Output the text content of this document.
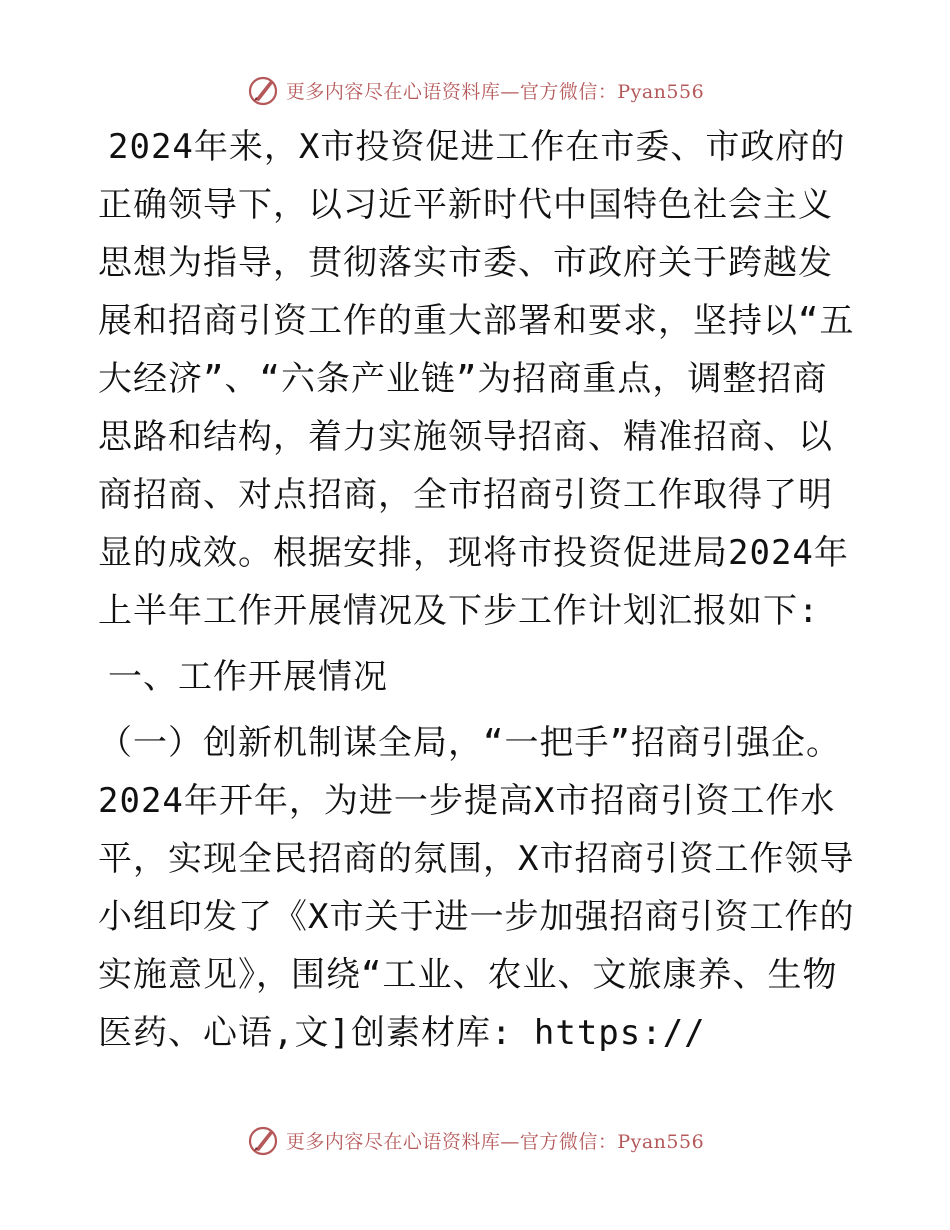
更多内容尽在心语资料库—官方微信：Pyan556

2024年来，X市投资促进工作在市委、市政府的正确领导下，以习近平新时代中国特色社会主义思想为指导，贯彻落实市委、市政府关于跨越发展和招商引资工作的重大部署和要求，坚持以“五大经济”、“六条产业链”为招商重点，调整招商思路和结构，着力实施领导招商、精准招商、以商招商、对点招商，全市招商引资工作取得了明显的成效。根据安排，现将市投资促进局2024年上半年工作开展情况及下步工作计划汇报如下:

一、工作开展情况

（一）创新机制谋全局，“一把手”招商引强企。2024年开年，为进一步提高X市招商引资工作水平，实现全民招商的氛围，X市招商引资工作领导小组印发了《X市关于进一步加强招商引资工作的实施意见》，围绕“工业、农业、文旅康养、生物医药、心语,文]创素材库: https://

更多内容尽在心语资料库—官方微信：Pyan556
